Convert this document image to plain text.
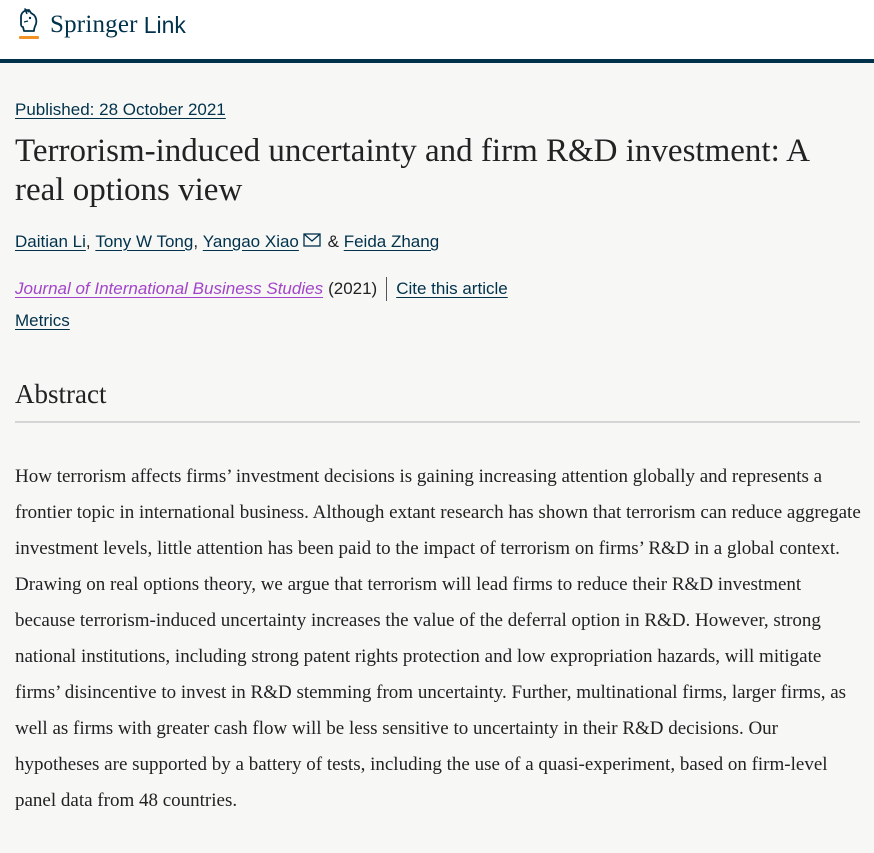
Springer Link
Published: 28 October 2021
Terrorism-induced uncertainty and firm R&D investment: A real options view
Daitian Li ,
Tony W Tong ,
Yangao Xiao
&
Feida Zhang
Journal of International Business Studies (2021) Cite this article
Metrics
Abstract

How terrorism affects firms’ investment decisions is gaining increasing attention globally and represents a frontier topic in international business. Although extant research has shown that terrorism can reduce aggregate investment levels, little attention has been paid to the impact of terrorism on firms’ R&D in a global context. Drawing on real options theory, we argue that terrorism will lead firms to reduce their R&D investment because terrorism-induced uncertainty increases the value of the deferral option in R&D. However, strong national institutions, including strong patent rights protection and low expropriation hazards, will mitigate firms’ disincentive to invest in R&D stemming from uncertainty. Further, multinational firms, larger firms, as well as firms with greater cash flow will be less sensitive to uncertainty in their R&D decisions. Our hypotheses are supported by a battery of tests, including the use of a quasi-experiment, based on firm-level panel data from 48 countries.
